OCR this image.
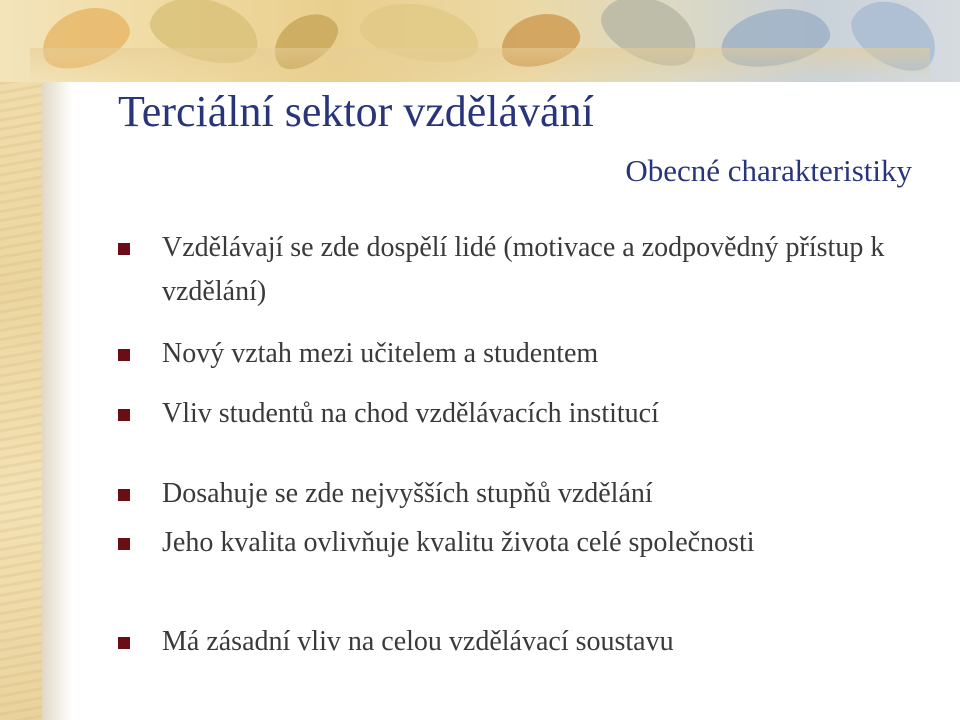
Terciální sektor vzdělávání
Obecné charakteristiky
Vzdělávají se zde dospělí lidé (motivace a zodpovědný přístup k vzdělání)
Nový vztah mezi učitelem a studentem
Vliv studentů na chod vzdělávacích institucí
Dosahuje se zde nejvyšších stupňů vzdělání
Jeho kvalita ovlivňuje kvalitu života celé společnosti
Má zásadní vliv na celou vzdělávací soustavu
